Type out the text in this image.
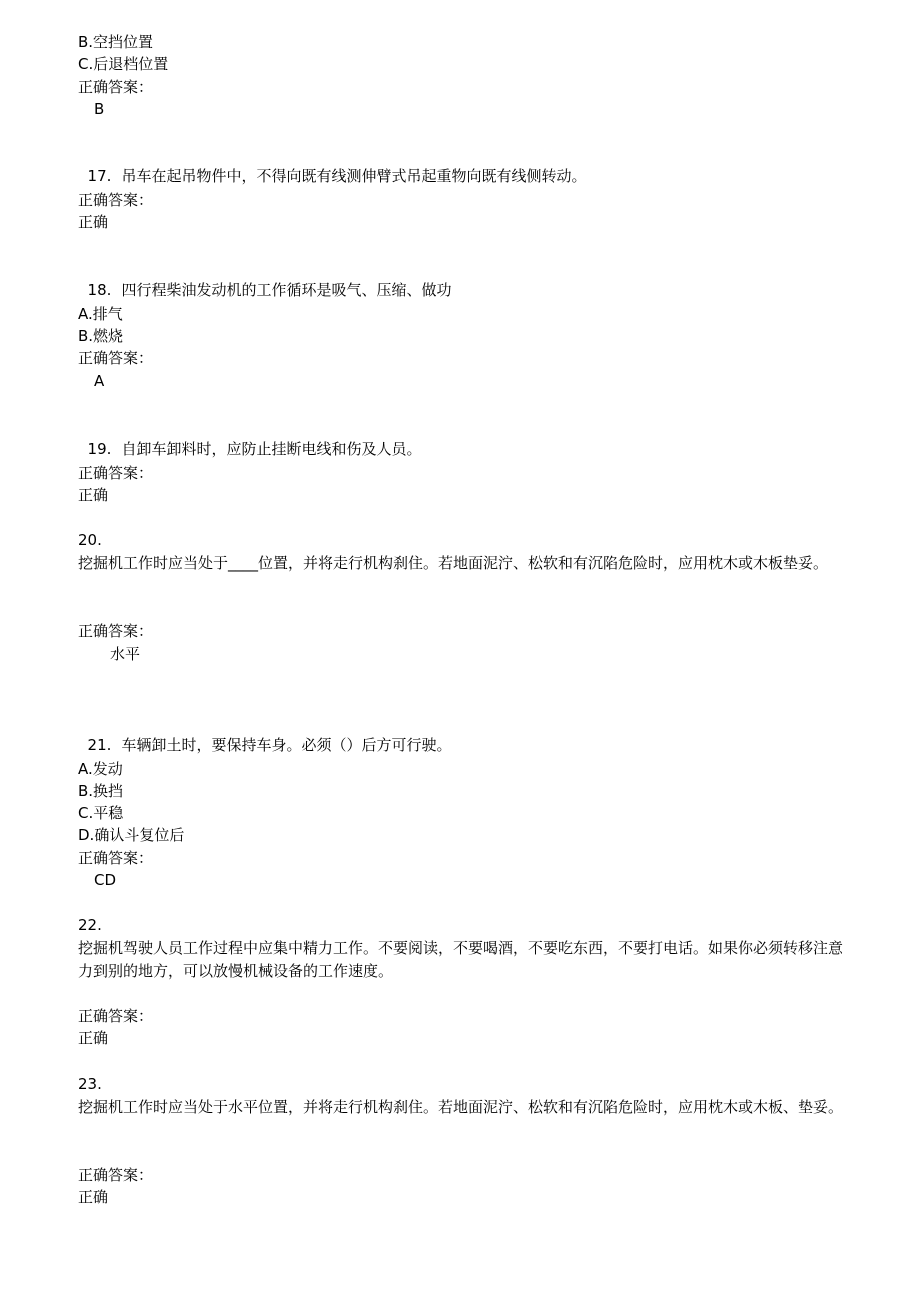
B.空挡位置
C.后退档位置
正确答案：
B

17. 吊车在起吊物件中，不得向既有线测伸臂式吊起重物向既有线侧转动。

正确答案：
正确

18. 四行程柴油发动机的工作循环是吸气、压缩、做功

A.排气
B.燃烧
正确答案：
A

19. 自卸车卸料时，应防止挂断电线和伤及人员。

正确答案：
正确
20.
挖掘机工作时应当处于____位置，并将走行机构刹住。若地面泥泞、松软和有沉陷危险时，应用枕木或木板垫妥。
正确答案：
水平

21. 车辆卸土时，要保持车身。必须（）后方可行驶。

A.发动
B.换挡
C.平稳
D.确认斗复位后
正确答案：
CD
22.
挖掘机驾驶人员工作过程中应集中精力工作。不要阅读，不要喝酒，不要吃东西，不要打电话。如果你必须转移注意力到别的地方，可以放慢机械设备的工作速度。
正确答案：
正确
23.
挖掘机工作时应当处于水平位置，并将走行机构刹住。若地面泥泞、松软和有沉陷危险时，应用枕木或木板、垫妥。
正确答案：
正确
